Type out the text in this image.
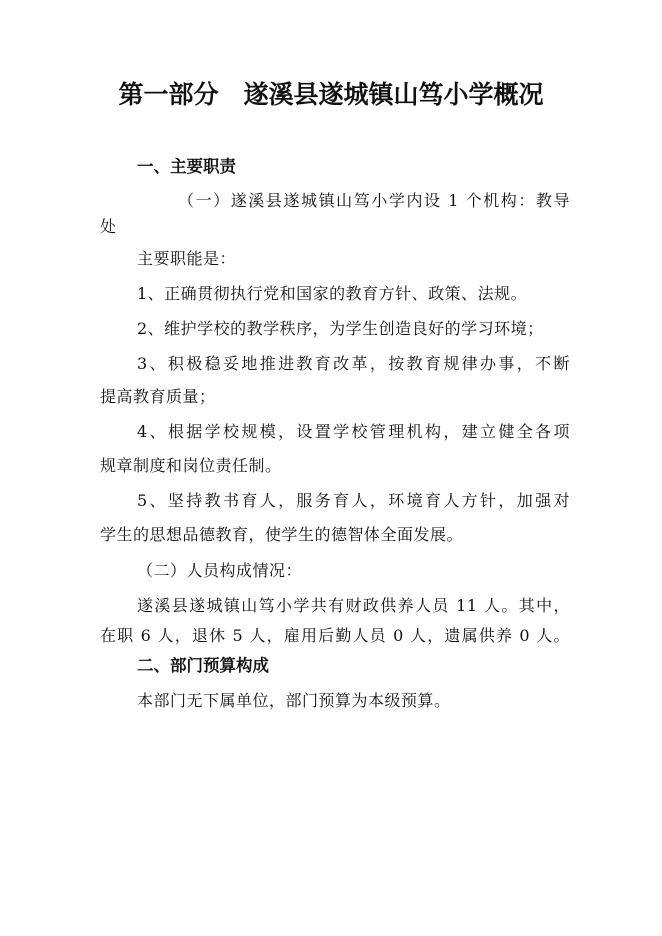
第一部分　遂溪县遂城镇山笃小学概况
一、主要职责
（一）遂溪县遂城镇山笃小学内设 1 个机构：教导
处
主要职能是：
1、正确贯彻执行党和国家的教育方针、政策、法规。
2、维护学校的教学秩序，为学生创造良好的学习环境；
3、积极稳妥地推进教育改革，按教育规律办事，不断
提高教育质量；
4、根据学校规模，设置学校管理机构，建立健全各项
规章制度和岗位责任制。
5、坚持教书育人，服务育人，环境育人方针，加强对
学生的思想品德教育，使学生的德智体全面发展。
（二）人员构成情况：
遂溪县遂城镇山笃小学共有财政供养人员 11 人。其中，
在职 6 人，退休 5 人，雇用后勤人员 0 人，遗属供养 0 人。
二、部门预算构成
本部门无下属单位，部门预算为本级预算。
